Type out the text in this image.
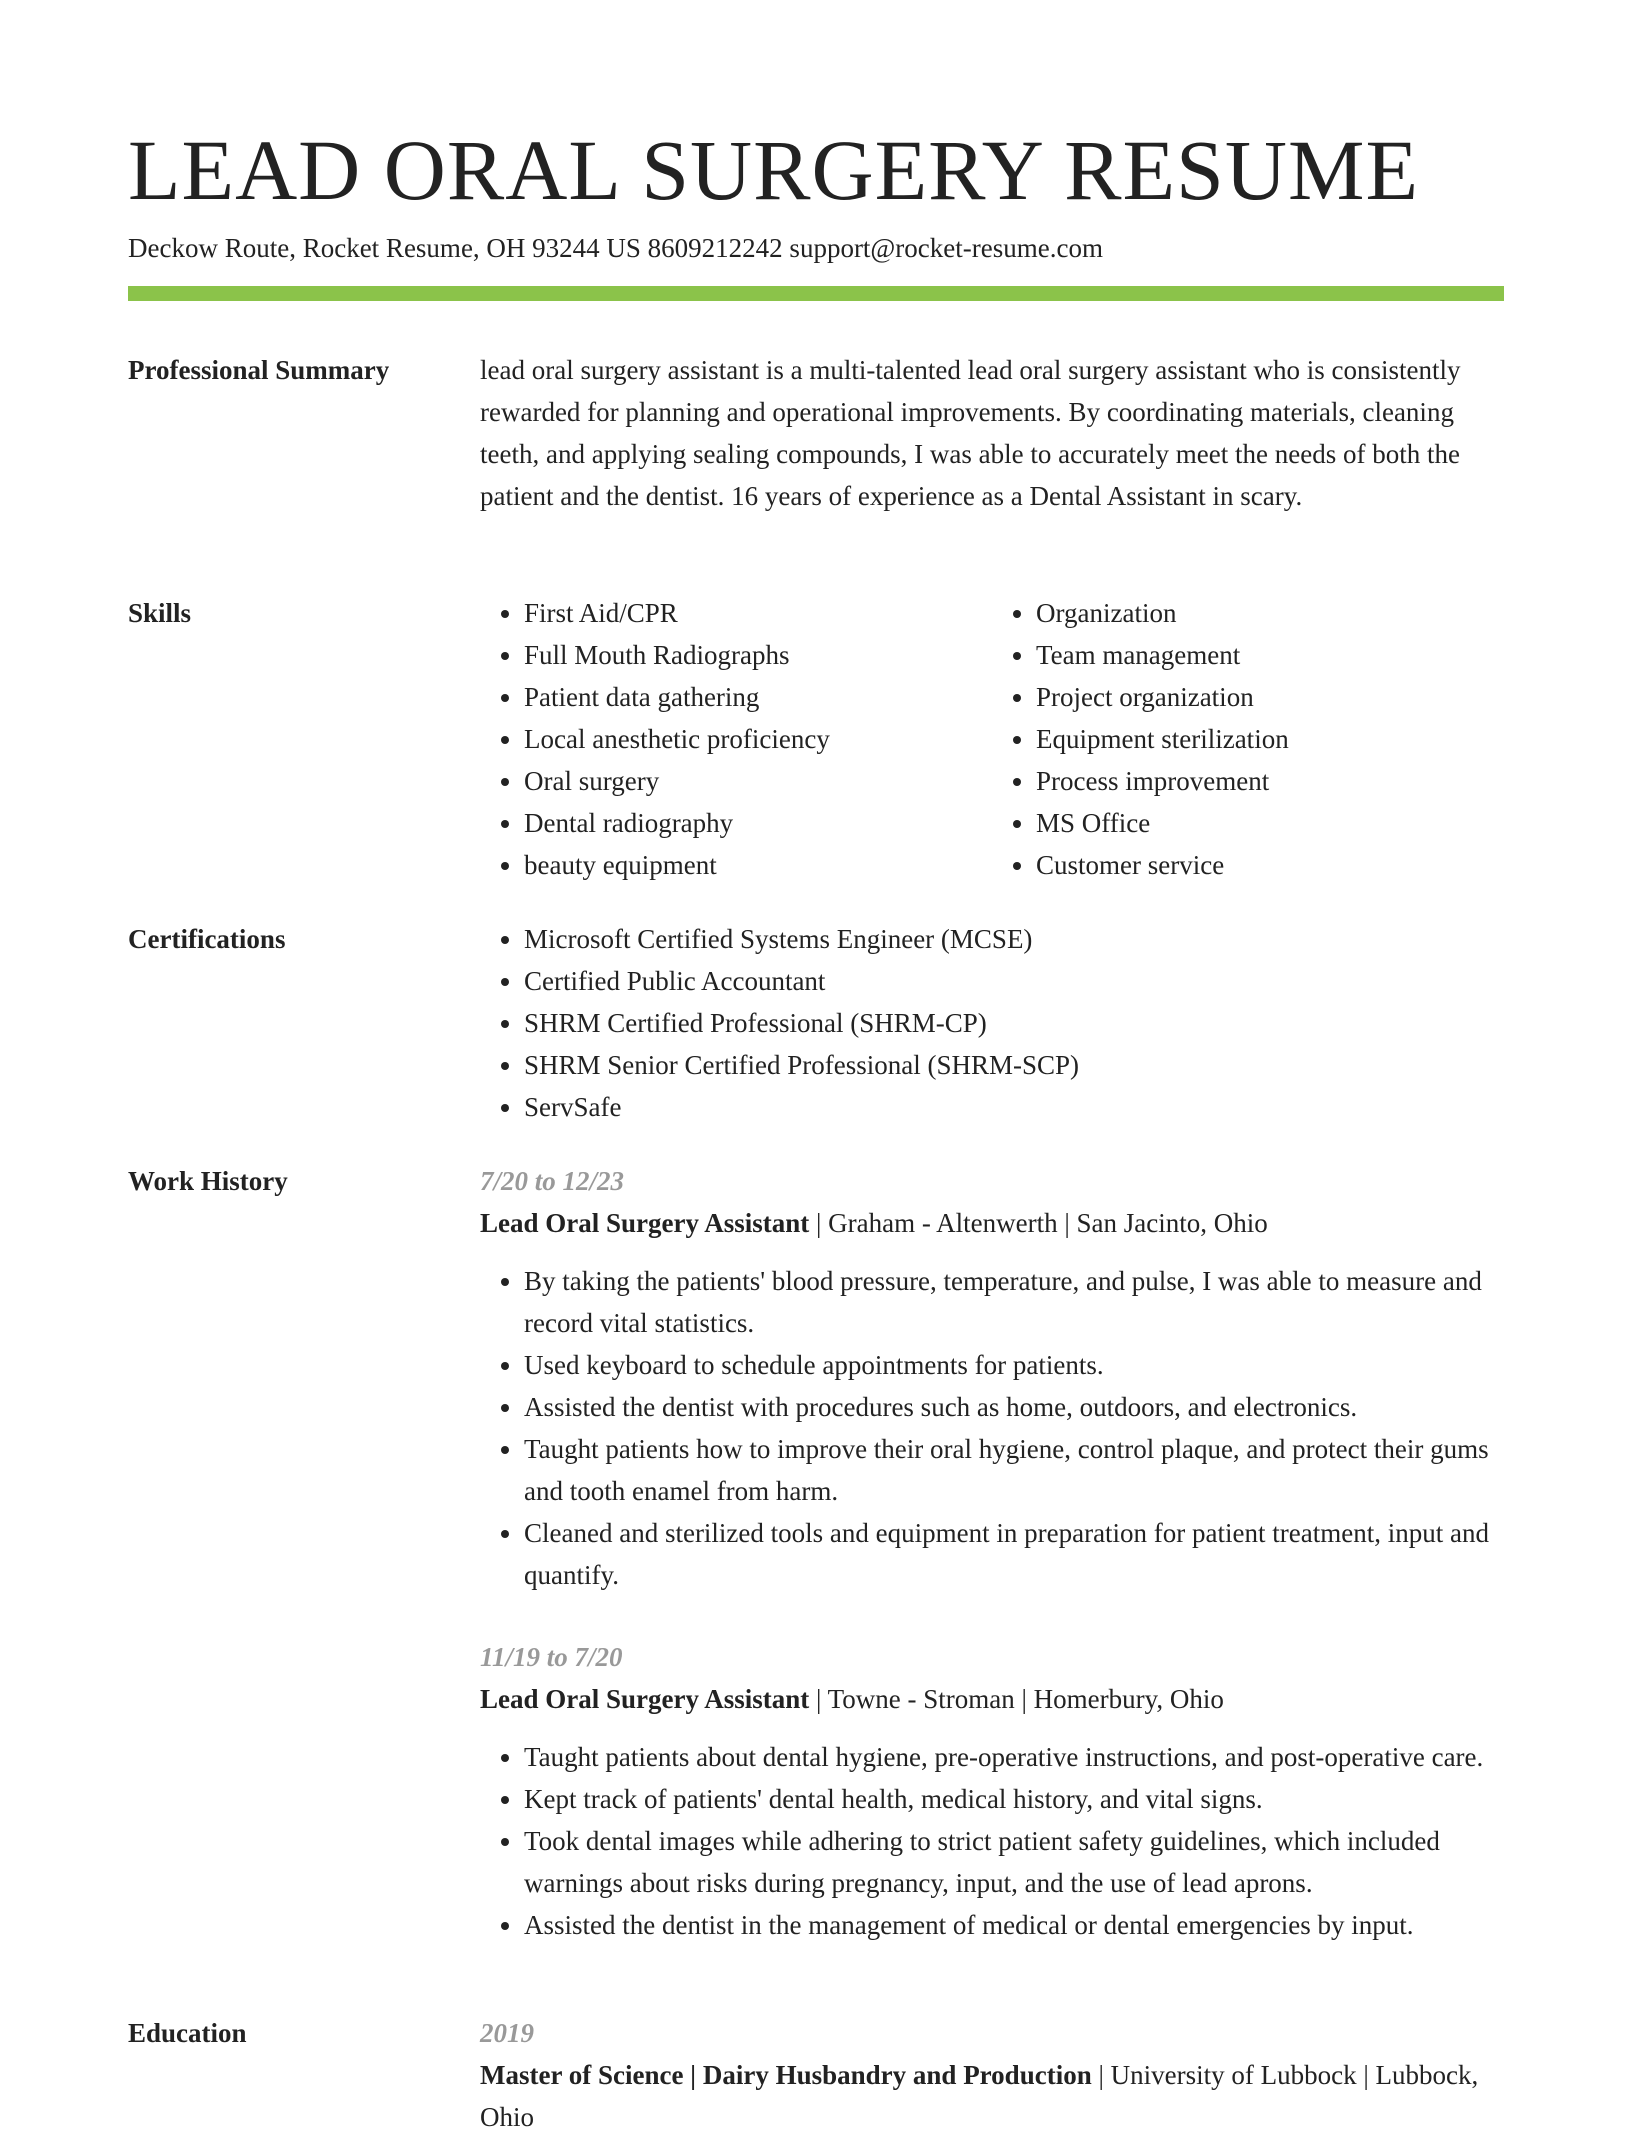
LEAD ORAL SURGERY RESUME
Deckow Route, Rocket Resume, OH 93244 US 8609212242 support@rocket-resume.com
Professional Summary	lead oral surgery assistant is a multi-talented lead oral surgery assistant who is consistently rewarded for planning and operational improvements. By coordinating materials, cleaning teeth, and applying sealing compounds, I was able to accurately meet the needs of both the patient and the dentist. 16 years of experience as a Dental Assistant in scary.

Skills	• First Aid/CPR
• Full Mouth Radiographs
• Patient data gathering
• Local anesthetic proficiency
• Oral surgery
• Dental radiography
• beauty equipment
• Organization
• Team management
• Project organization
• Equipment sterilization
• Process improvement
• MS Office
• Customer service
Certifications	• Microsoft Certified Systems Engineer (MCSE)
• Certified Public Accountant
• SHRM Certified Professional (SHRM-CP)
• SHRM Senior Certified Professional (SHRM-SCP)
• ServSafe
Work History	7/20 to 12/23

Lead Oral Surgery Assistant | Graham - Altenwerth | San Jacinto, Ohio

• By taking the patients' blood pressure, temperature, and pulse, I was able to measure and record vital statistics.
• Used keyboard to schedule appointments for patients.
• Assisted the dentist with procedures such as home, outdoors, and electronics.
• Taught patients how to improve their oral hygiene, control plaque, and protect their gums and tooth enamel from harm.
• Cleaned and sterilized tools and equipment in preparation for patient treatment, input and quantify.
11/19 to 7/20

Lead Oral Surgery Assistant | Towne - Stroman | Homerbury, Ohio

• Taught patients about dental hygiene, pre-operative instructions, and post-operative care.
• Kept track of patients' dental health, medical history, and vital signs.
• Took dental images while adhering to strict patient safety guidelines, which included warnings about risks during pregnancy, input, and the use of lead aprons.
• Assisted the dentist in the management of medical or dental emergencies by input.
Education	2019

Master of Science | Dairy Husbandry and Production | University of Lubbock | Lubbock, Ohio
